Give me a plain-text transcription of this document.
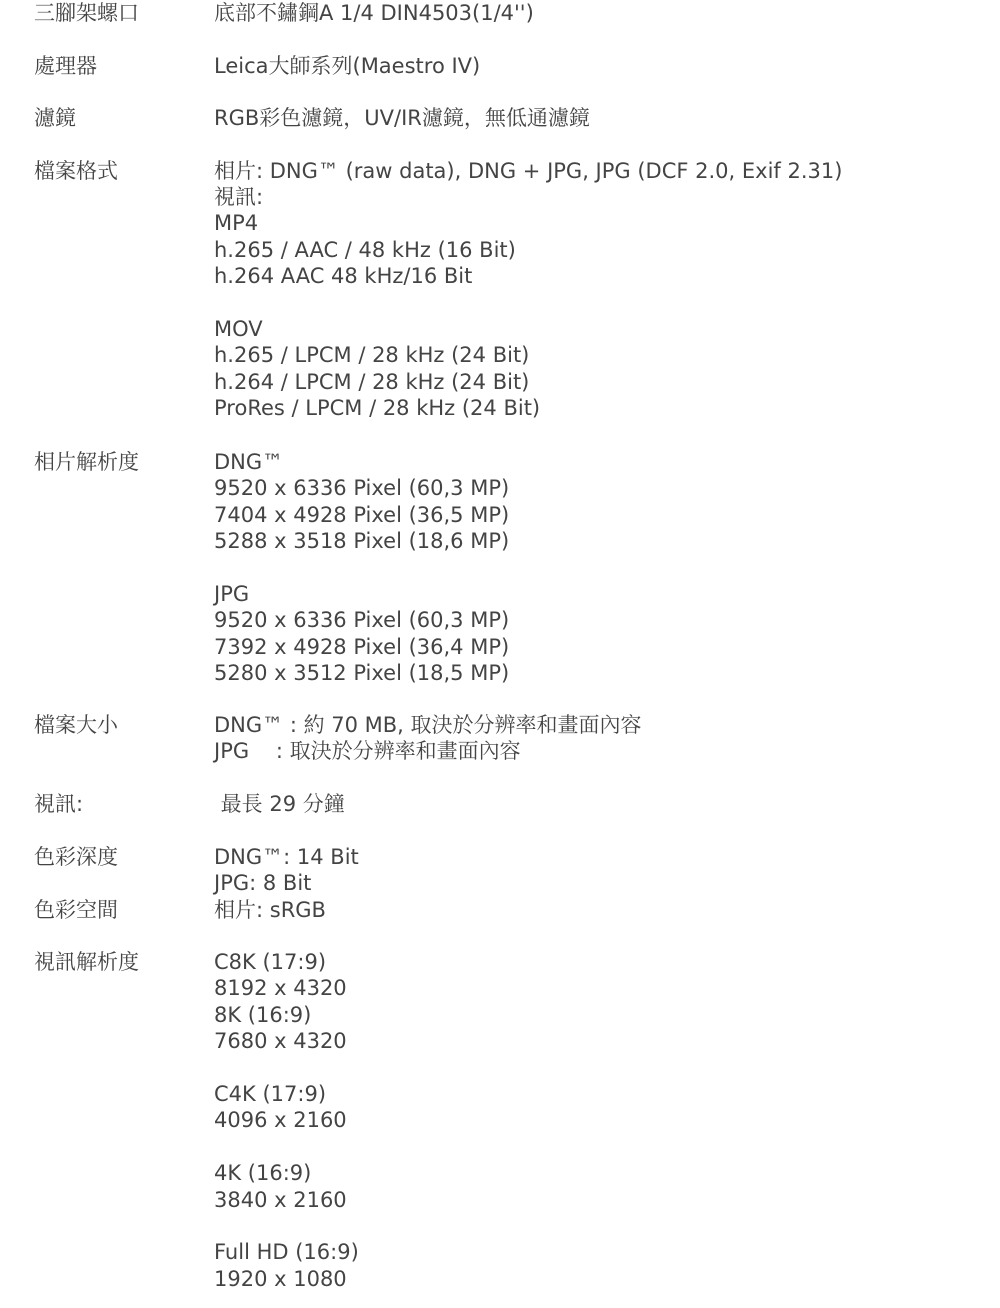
三腳架螺口	底部不鏽鋼A 1/4 DIN4503(1/4'')
處理器	Leica大師系列(Maestro IV)
濾鏡	RGB彩色濾鏡，UV/IR濾鏡，無低通濾鏡
檔案格式	相片: DNG™ (raw data), DNG + JPG, JPG (DCF 2.0, Exif 2.31)
視訊:
MP4
h.265 / AAC / 48 kHz (16 Bit)
h.264 AAC 48 kHz/16 Bit
MOV
h.265 / LPCM / 28 kHz (24 Bit)
h.264 / LPCM / 28 kHz (24 Bit)
ProRes / LPCM / 28 kHz (24 Bit)
相片解析度	DNG™
9520 x 6336 Pixel (60,3 MP)
7404 x 4928 Pixel (36,5 MP)
5288 x 3518 Pixel (18,6 MP)
JPG
9520 x 6336 Pixel (60,3 MP)
7392 x 4928 Pixel (36,4 MP)
5280 x 3512 Pixel (18,5 MP)
檔案大小	DNG™ : 約 70 MB, 取決於分辨率和畫面內容
JPG    : 取決於分辨率和畫面內容
視訊:	最長 29 分鐘
色彩深度	DNG™: 14 Bit
JPG: 8 Bit
色彩空間	相片: sRGB
視訊解析度	C8K (17:9)
8192 x 4320
8K (16:9)
7680 x 4320
C4K (17:9)
4096 x 2160
4K (16:9)
3840 x 2160
Full HD (16:9)
1920 x 1080
